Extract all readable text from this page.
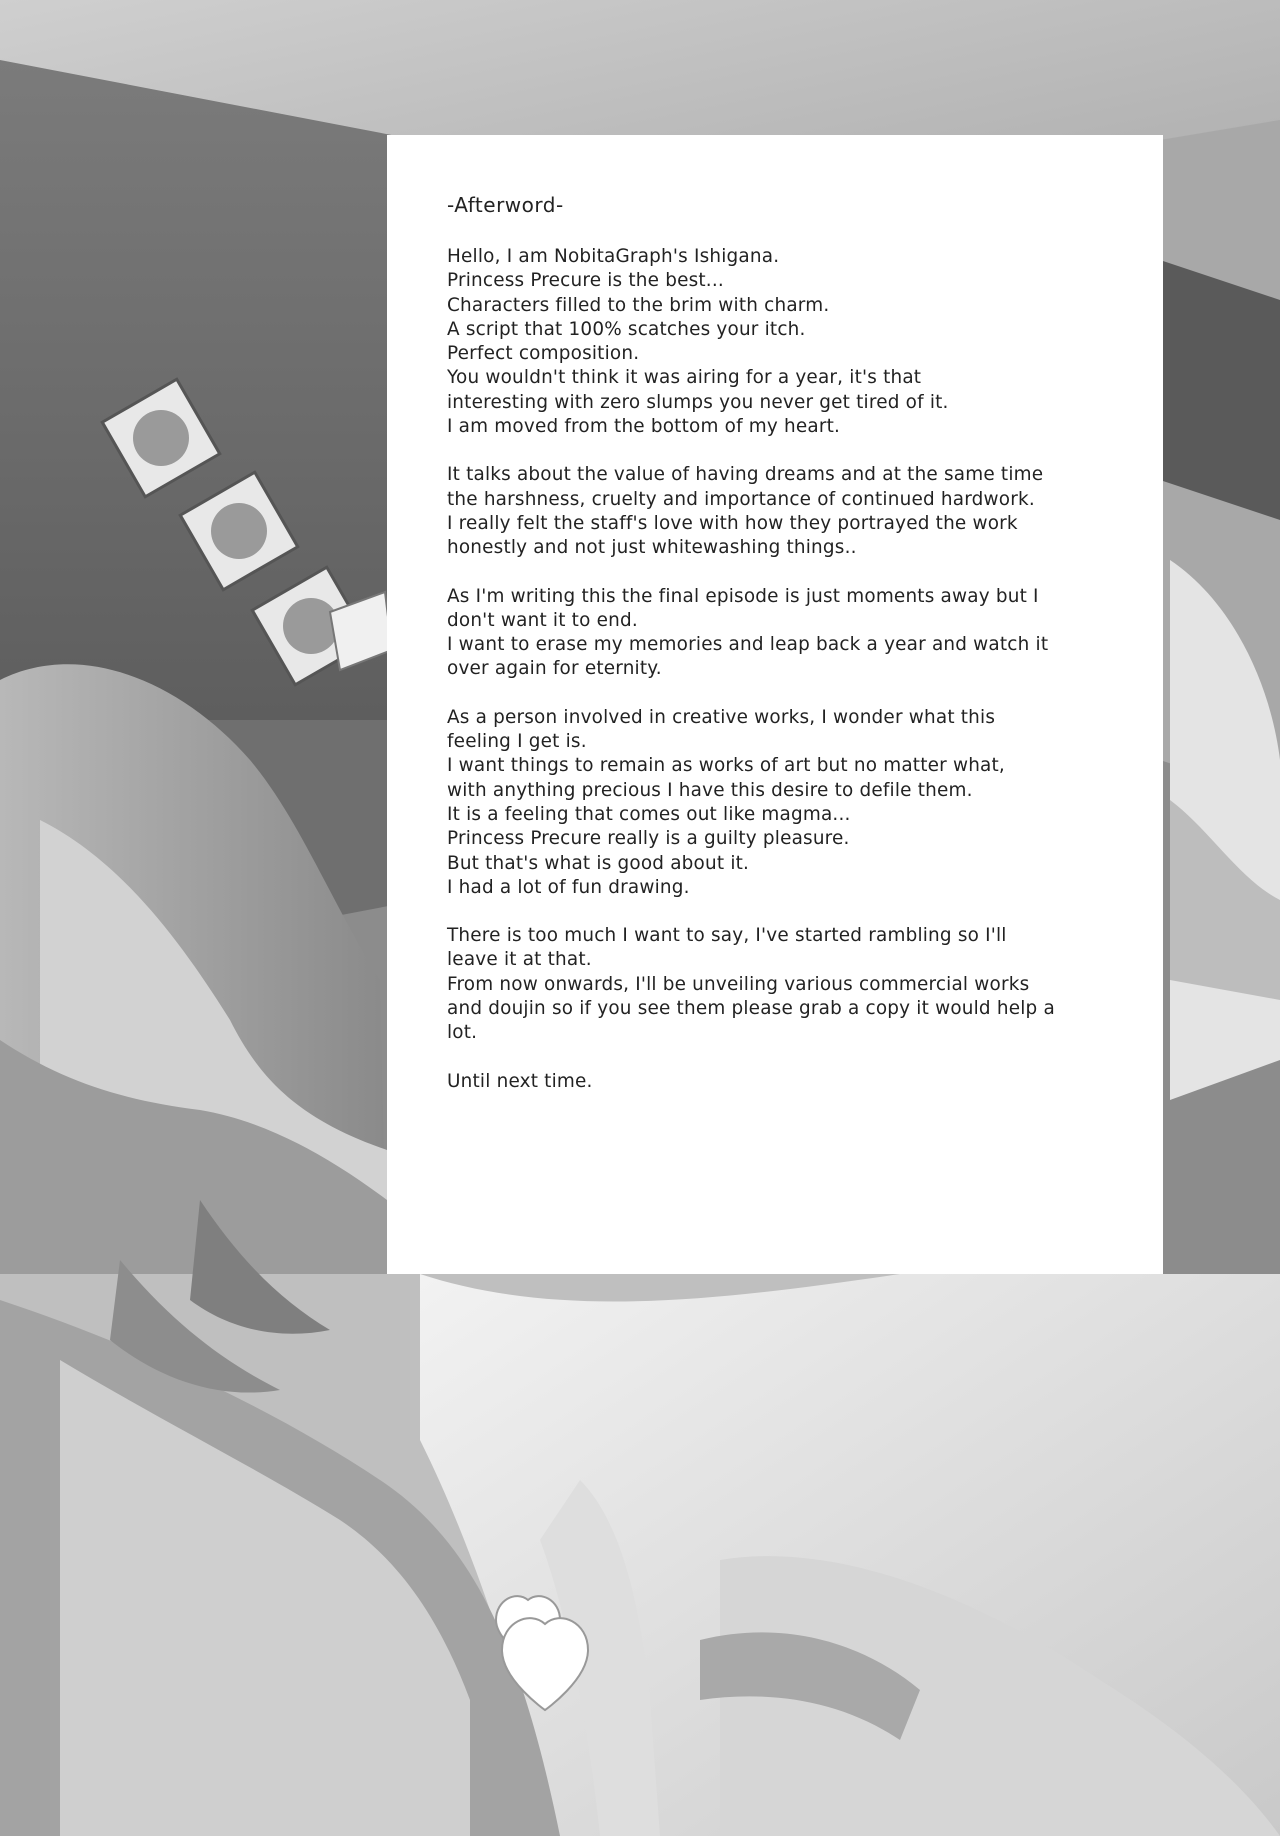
-Afterword-
Hello, I am NobitaGraph's Ishigana.
Princess Precure is the best...
Characters filled to the brim with charm.
A script that 100% scatches your itch.
Perfect composition.
You wouldn't think it was airing for a year, it's that
interesting with zero slumps you never get tired of it.
I am moved from the bottom of my heart.
It talks about the value of having dreams and at the same time
the harshness, cruelty and importance of continued hardwork.
I really felt the staff's love with how they portrayed the work
honestly and not just whitewashing things..
As I'm writing this the final episode is just moments away but I
don't want it to end.
I want to erase my memories and leap back a year and watch it
over again for eternity.
As a person involved in creative works, I wonder what this
feeling I get is.
I want things to remain as works of art but no matter what,
with anything precious I have this desire to defile them.
It is a feeling that comes out like magma...
Princess Precure really is a guilty pleasure.
But that's what is good about it.
I had a lot of fun drawing.
There is too much I want to say, I've started rambling so I'll
leave it at that.
From now onwards, I'll be unveiling various commercial works
and doujin so if you see them please grab a copy it would help a
lot.
Until next time.
